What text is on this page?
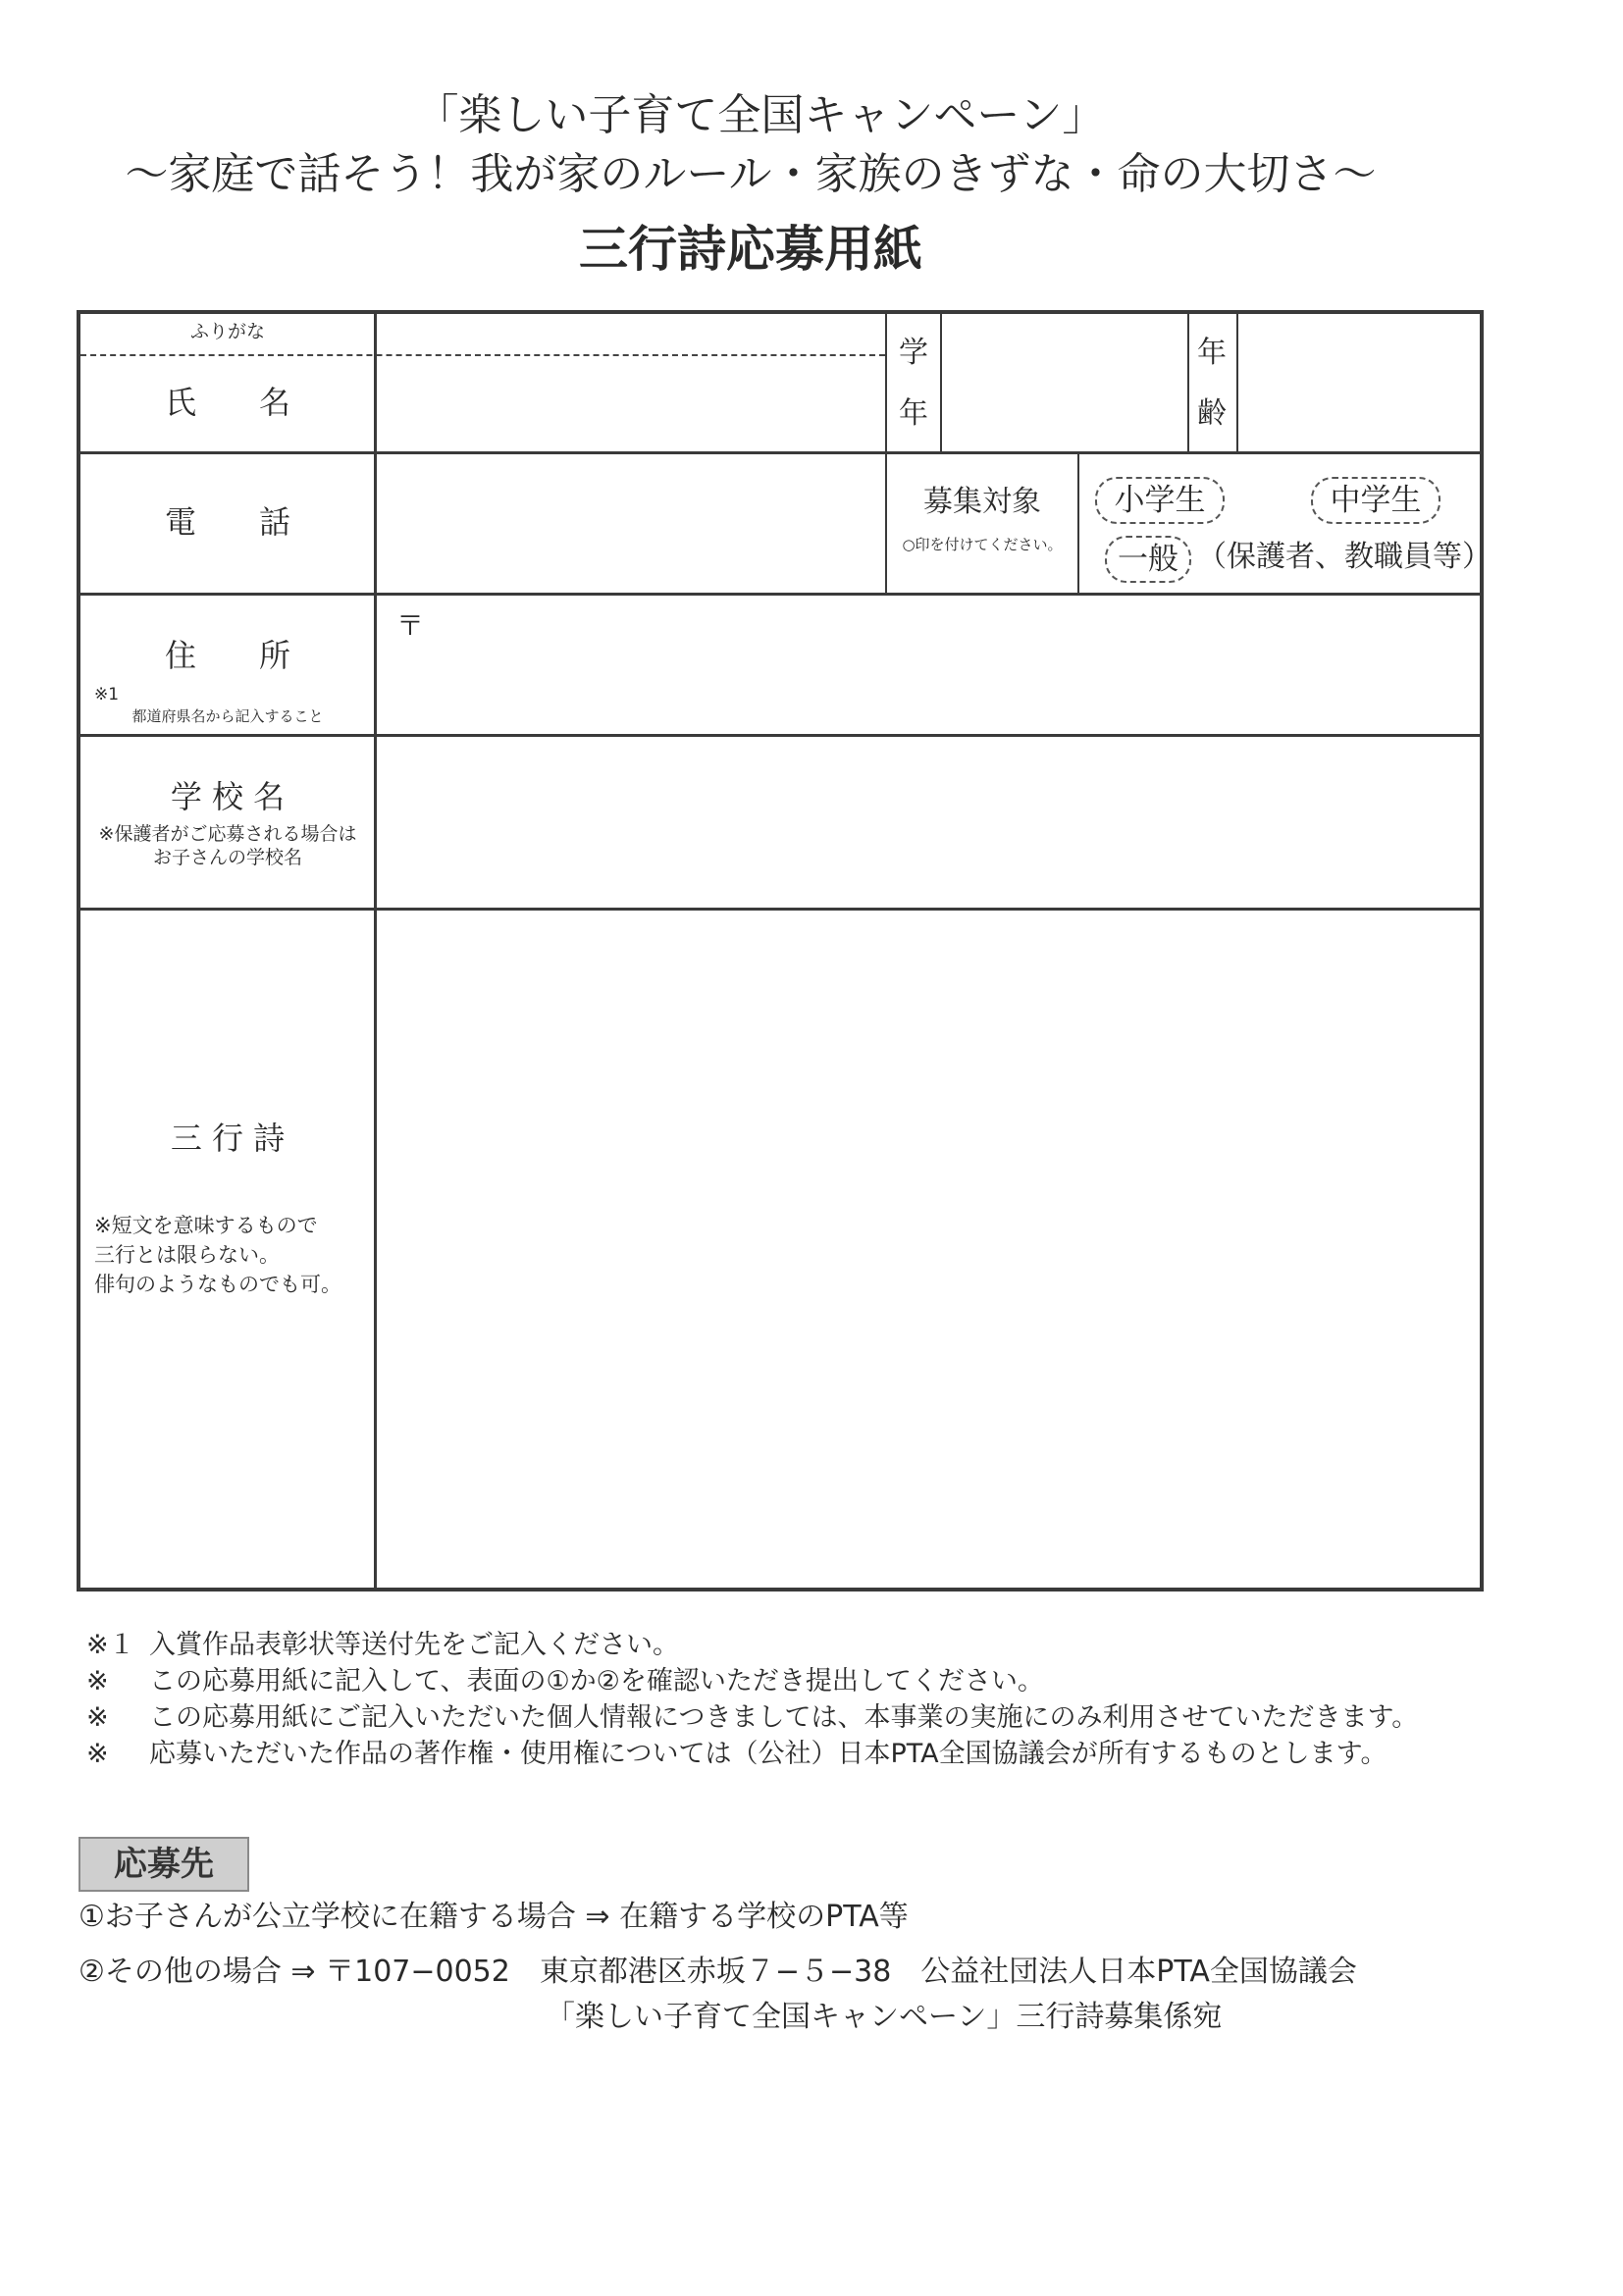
「楽しい子育て全国キャンペーン」
〜家庭で話そう！我が家のルール・家族のきずな・命の大切さ〜
三行詩応募用紙
ふりがな
氏　　名
学
年
年
齢
電　　話
募集対象
○印を付けてください。
小学生	中学生
一般 （保護者、教職員等）
住　　所
※1
都道府県名から記入すること
〒
学 校 名
※保護者がご応募される場合は
お子さんの学校名
三 行 詩
※短文を意味するもので
三行とは限らない。
俳句のようなものでも可。
※１ 入賞作品表彰状等送付先をご記入ください。
※ この応募用紙に記入して、表面の①か②を確認いただき提出してください。
※ この応募用紙にご記入いただいた個人情報につきましては、本事業の実施にのみ利用させていただきます。
※ 応募いただいた作品の著作権・使用権については（公社）日本PTA全国協議会が所有するものとします。
応募先
①お子さんが公立学校に在籍する場合 ⇒ 在籍する学校のPTA等
②その他の場合 ⇒ 〒107−0052　東京都港区赤坂７−５−38　公益社団法人日本PTA全国協議会
「楽しい子育て全国キャンペーン」三行詩募集係宛
